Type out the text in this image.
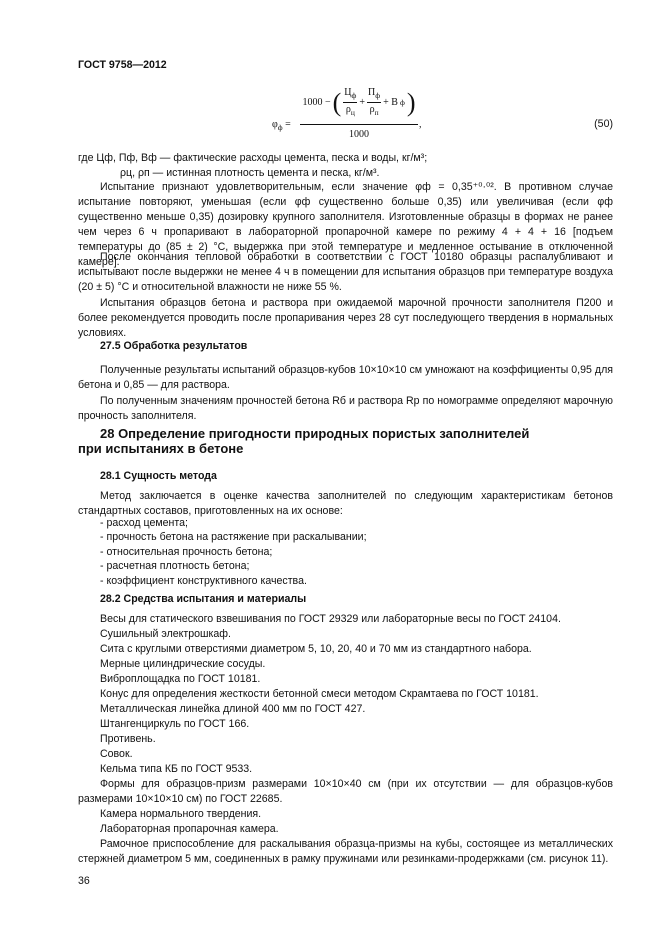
ГОСТ 9758—2012
$\varphi_ф$ =
1000 − ( $\frac{Ц_ф}{\rho_ц} + \frac{П_ф}{\rho_п} + B$ ф )
,
1000
(50)
где Цф, Пф, Вф — фактические расходы цемента, песка и воды, кг/м³;
ρц, ρп — истинная плотность цемента и песка, кг/м³.
Испытание признают удовлетворительным, если значение φф = 0,35⁺⁰·⁰². В противном случае испытание повторяют, уменьшая (если φф существенно больше 0,35) или увеличивая (если φф существенно меньше 0,35) дозировку крупного заполнителя. Изготовленные образцы в формах не ранее чем через 6 ч пропаривают в лабораторной пропарочной камере по режиму 4 + 4 + 16 [подъем температуры до (85 ± 2) °С, выдержка при этой температуре и медленное остывание в отключенной камере].
После окончания тепловой обработки в соответствии с ГОСТ 10180 образцы распалубливают и испытывают после выдержки не менее 4 ч в помещении для испытания образцов при температуре воздуха (20 ± 5) °С и относительной влажности не ниже 55 %.
Испытания образцов бетона и раствора при ожидаемой марочной прочности заполнителя П200 и более рекомендуется проводить после пропаривания через 28 сут последующего твердения в нормальных условиях.
27.5 Обработка результатов
Полученные результаты испытаний образцов-кубов 10×10×10 см умножают на коэффициенты 0,95 для бетона и 0,85 — для раствора.
По полученным значениям прочностей бетона Rб и раствора Rр по номограмме определяют марочную прочность заполнителя.
28 Определение пригодности природных пористых заполнителей при испытаниях в бетоне
28.1 Сущность метода
Метод заключается в оценке качества заполнителей по следующим характеристикам бетонов стандартных составов, приготовленных на их основе:
- расход цемента;
- прочность бетона на растяжение при раскалывании;
- относительная прочность бетона;
- расчетная плотность бетона;
- коэффициент конструктивного качества.
28.2 Средства испытания и материалы
Весы для статического взвешивания по ГОСТ 29329 или лабораторные весы по ГОСТ 24104.
Сушильный электрошкаф.
Сита с круглыми отверстиями диаметром 5, 10, 20, 40 и 70 мм из стандартного набора.
Мерные цилиндрические сосуды.
Виброплощадка по ГОСТ 10181.
Конус для определения жесткости бетонной смеси методом Скрамтаева по ГОСТ 10181.
Металлическая линейка длиной 400 мм по ГОСТ 427.
Штангенциркуль по ГОСТ 166.
Противень.
Совок.
Кельма типа КБ по ГОСТ 9533.
Формы для образцов-призм размерами 10×10×40 см (при их отсутствии — для образцов-кубов размерами 10×10×10 см) по ГОСТ 22685.
Камера нормального твердения.
Лабораторная пропарочная камера.
Рамочное приспособление для раскалывания образца-призмы на кубы, состоящее из металлических стержней диаметром 5 мм, соединенных в рамку пружинами или резинками-продержками (см. рисунок 11).
36
